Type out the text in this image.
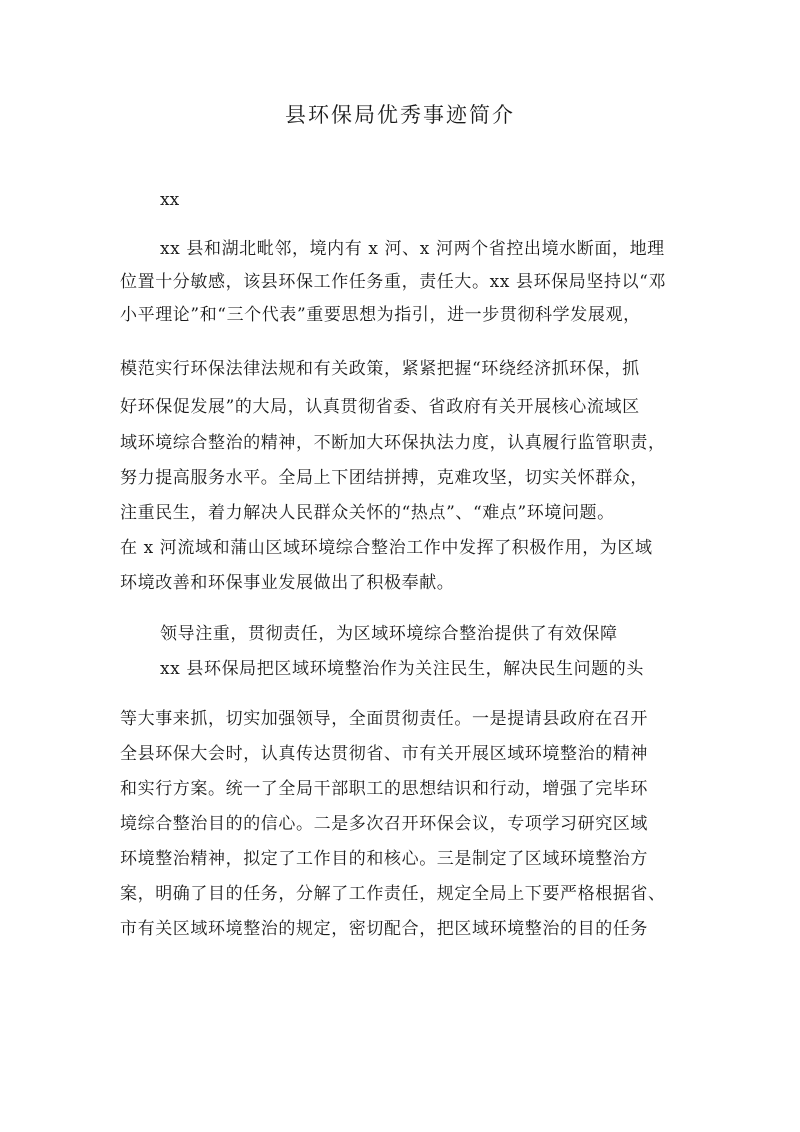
县环保局优秀事迹简介

xx

xx 县和湖北毗邻，境内有 x 河、x 河两个省控出境水断面，地理

位置十分敏感，该县环保工作任务重，责任大。xx 县环保局坚持以“邓

小平理论”和“三个代表”重要思想为指引，进一步贯彻科学发展观，

模范实行环保法律法规和有关政策，紧紧把握“环绕经济抓环保，抓

好环保促发展”的大局，认真贯彻省委、省政府有关开展核心流域区

域环境综合整治的精神，不断加大环保执法力度，认真履行监管职责，

努力提高服务水平。全局上下团结拼搏，克难攻坚，切实关怀群众，

注重民生，着力解决人民群众关怀的“热点”、“难点”环境问题。

在 x 河流域和蒲山区域环境综合整治工作中发挥了积极作用，为区域

环境改善和环保事业发展做出了积极奉献。

领导注重，贯彻责任，为区域环境综合整治提供了有效保障

xx 县环保局把区域环境整治作为关注民生，解决民生问题的头

等大事来抓，切实加强领导，全面贯彻责任。一是提请县政府在召开

全县环保大会时，认真传达贯彻省、市有关开展区域环境整治的精神

和实行方案。统一了全局干部职工的思想结识和行动，增强了完毕环

境综合整治目的的信心。二是多次召开环保会议，专项学习研究区域

环境整治精神，拟定了工作目的和核心。三是制定了区域环境整治方

案，明确了目的任务，分解了工作责任，规定全局上下要严格根据省、

市有关区域环境整治的规定，密切配合，把区域环境整治的目的任务
